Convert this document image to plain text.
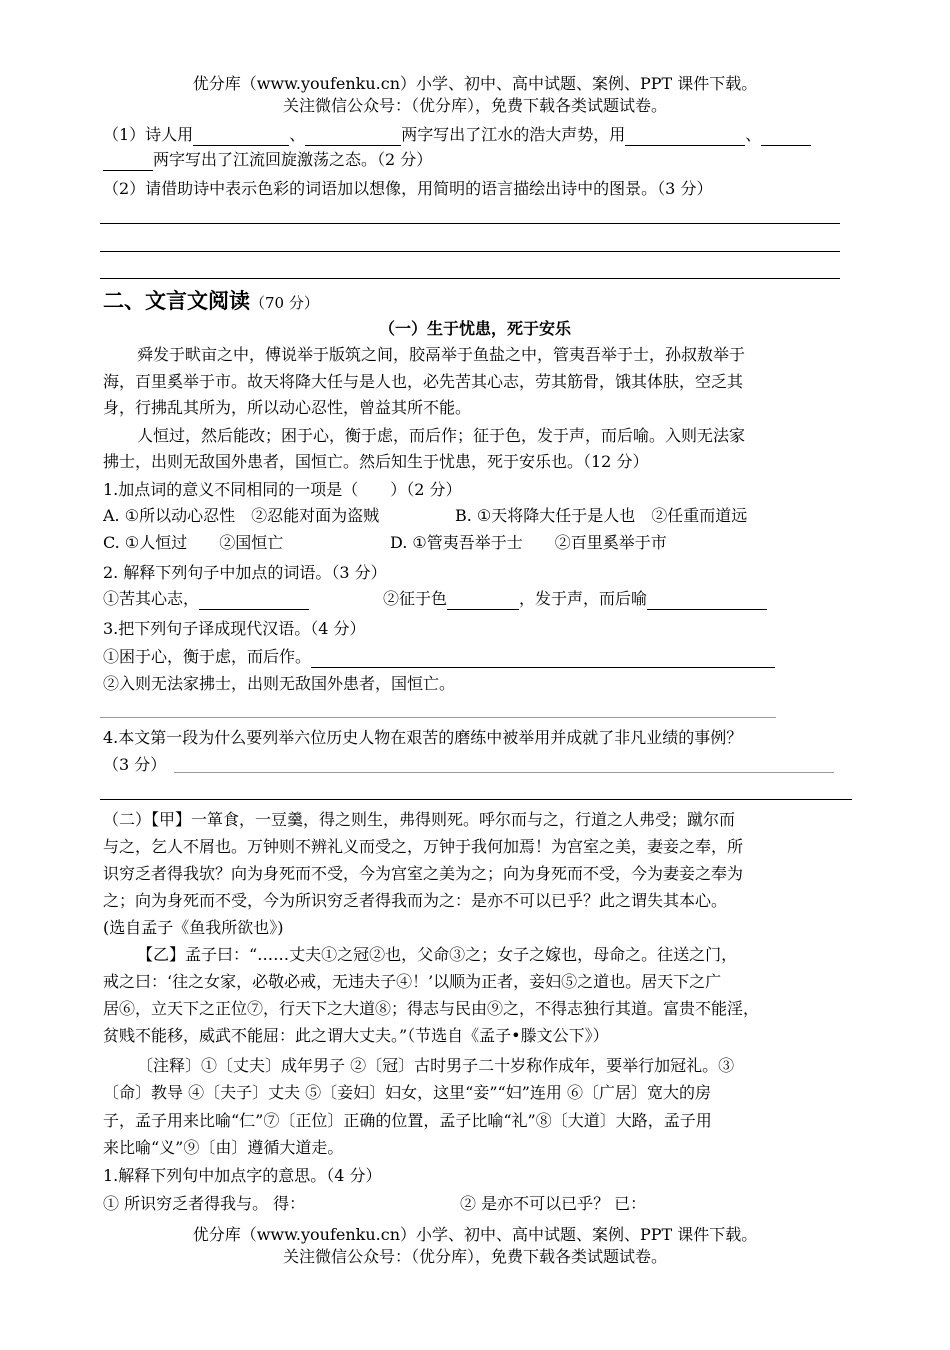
优分库（www.youfenku.cn）小学、初中、高中试题、案例、PPT 课件下载。
关注微信公众号：（优分库），免费下载各类试题试卷。
（1）诗人用	、	两字写出了江水的浩大声势，用	、
两字写出了江流回旋激荡之态。（2 分）
（2）请借助诗中表示色彩的词语加以想像，用简明的语言描绘出诗中的图景。（3 分）
二、文言文阅读（70 分）
（一）生于忧患，死于安乐
舜发于畎亩之中，傅说举于版筑之间，胶鬲举于鱼盐之中，管夷吾举于士，孙叔敖举于
海，百里奚举于市。故天将降大任与是人也，必先苦其心志，劳其筋骨，饿其体肤，空乏其
身，行拂乱其所为，所以动心忍性，曾益其所不能。
人恒过，然后能改；困于心，衡于虑，而后作；征于色，发于声，而后喻。入则无法家
拂士，出则无敌国外患者，国恒亡。然后知生于忧患，死于安乐也。（12 分）
1.加点词的意义不同相同的一项是（　　）（2 分）
A. ①所以动心忍性　②忍能对面为盗贼	B. ①天将降大任于是人也　②任重而道远
C. ①人恒过　　②国恒亡	D. ①管夷吾举于士　　②百里奚举于市
2. 解释下列句子中加点的词语。（3 分）
①苦其心志，	②征于色	，发于声，而后喻
3.把下列句子译成现代汉语。（4 分）
①困于心，衡于虑，而后作。
②入则无法家拂士，出则无敌国外患者，国恒亡。
4.本文第一段为什么要列举六位历史人物在艰苦的磨练中被举用并成就了非凡业绩的事例？
（3 分）
（二）【甲】一箪食，一豆羹，得之则生，弗得则死。呼尔而与之，行道之人弗受；蹴尔而
与之，乞人不屑也。万钟则不辨礼义而受之，万钟于我何加焉！为宫室之美，妻妾之奉，所
识穷乏者得我欤？向为身死而不受，今为宫室之美为之；向为身死而不受，今为妻妾之奉为
之；向为身死而不受，今为所识穷乏者得我而为之：是亦不可以已乎？此之谓失其本心。
(选自孟子《鱼我所欲也》)
【乙】孟子曰：“……丈夫①之冠②也，父命③之；女子之嫁也，母命之。往送之门，
戒之曰：‘往之女家，必敬必戒，无违夫子④！’以顺为正者，妾妇⑤之道也。居天下之广
居⑥，立天下之正位⑦，行天下之大道⑧；得志与民由⑨之，不得志独行其道。富贵不能淫，
贫贱不能移，威武不能屈：此之谓大丈夫。”（节选自《孟子•滕文公下》）
〔注释〕①〔丈夫〕成年男子 ②〔冠〕古时男子二十岁称作成年，要举行加冠礼。③
〔命〕教导 ④〔夫子〕丈夫 ⑤〔妾妇〕妇女，这里“妾”“妇”连用 ⑥〔广居〕宽大的房
子，孟子用来比喻“仁”⑦〔正位〕正确的位置，孟子比喻“礼”⑧〔大道〕大路，孟子用
来比喻“义”⑨〔由〕遵循大道走。
1.解释下列句中加点字的意思。（4 分）
① 所识穷乏者得我与。 得：	② 是亦不可以已乎？ 已：
优分库（www.youfenku.cn）小学、初中、高中试题、案例、PPT 课件下载。
关注微信公众号：（优分库），免费下载各类试题试卷。
